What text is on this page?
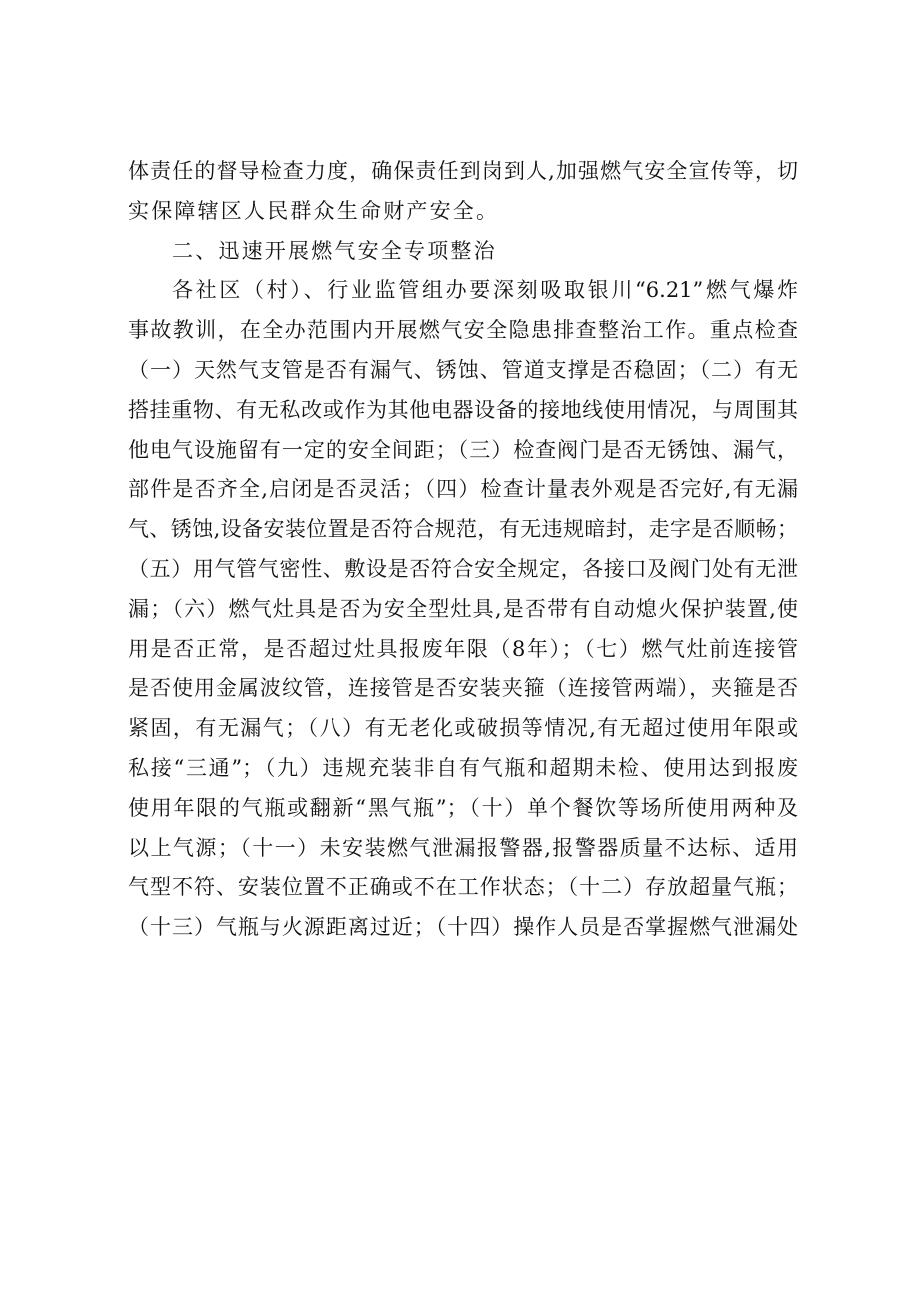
体责任的督导检查力度，确保责任到岗到人,加强燃气安全宣传等，切
实保障辖区人民群众生命财产安全。
二、迅速开展燃气安全专项整治
各社区（村）、行业监管组办要深刻吸取银川“6.21”燃气爆炸
事故教训，在全办范围内开展燃气安全隐患排查整治工作。重点检查
（一）天然气支管是否有漏气、锈蚀、管道支撑是否稳固；（二）有无
搭挂重物、有无私改或作为其他电器设备的接地线使用情况，与周围其
他电气设施留有一定的安全间距；（三）检查阀门是否无锈蚀、漏气，
部件是否齐全,启闭是否灵活；（四）检查计量表外观是否完好,有无漏
气、锈蚀,设备安装位置是否符合规范，有无违规暗封，走字是否顺畅；
（五）用气管气密性、敷设是否符合安全规定，各接口及阀门处有无泄
漏；（六）燃气灶具是否为安全型灶具,是否带有自动熄火保护装置,使
用是否正常，是否超过灶具报废年限（8年）；（七）燃气灶前连接管
是否使用金属波纹管，连接管是否安装夹箍（连接管两端），夹箍是否
紧固，有无漏气；（八）有无老化或破损等情况,有无超过使用年限或
私接“三通”；（九）违规充装非自有气瓶和超期未检、使用达到报废
使用年限的气瓶或翻新“黑气瓶”；（十）单个餐饮等场所使用两种及
以上气源；（十一）未安装燃气泄漏报警器,报警器质量不达标、适用
气型不符、安装位置不正确或不在工作状态；（十二）存放超量气瓶；
（十三）气瓶与火源距离过近；（十四）操作人员是否掌握燃气泄漏处
